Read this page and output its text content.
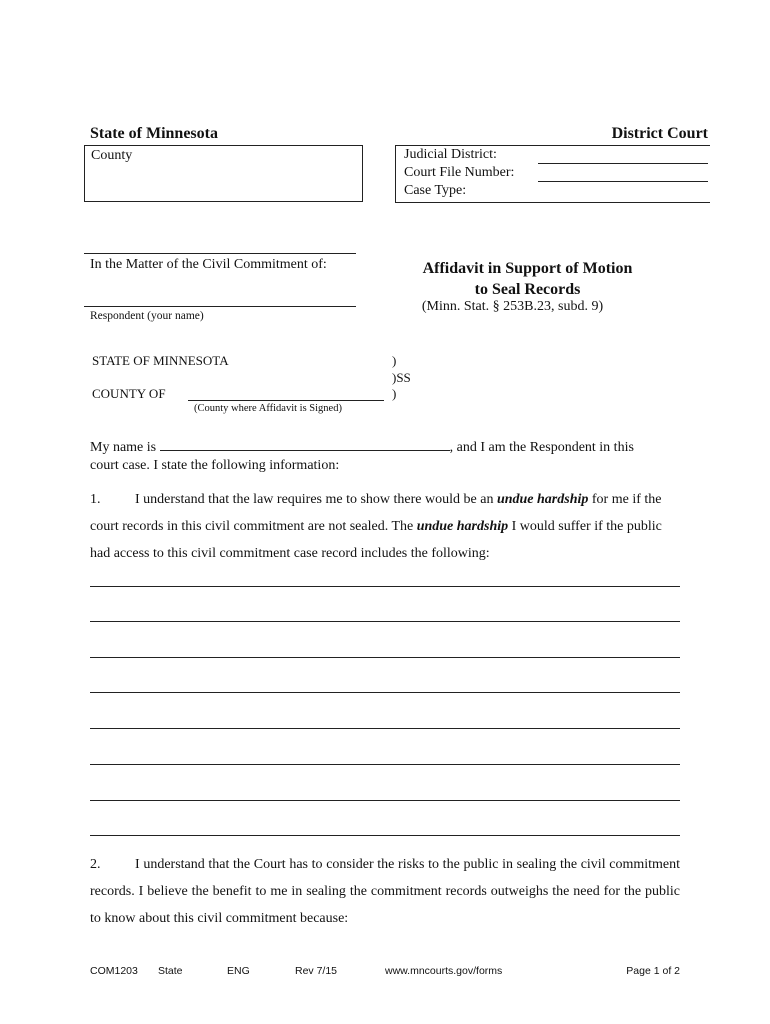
State of Minnesota	District Court
County	Judicial District:
Court File Number:
Case Type:
In the Matter of the Civil Commitment of:
Respondent (your name)
Affidavit in Support of Motion
to Seal Records
(Minn. Stat. § 253B.23, subd. 9)
STATE OF MINNESOTA
COUNTY OF
(County where Affidavit is Signed)
)
)SS
)
My name is	, and I am the Respondent in this
court case. I state the following information:
1. I understand that the law requires me to show there would be an undue hardship for me if the court records in this civil commitment are not sealed. The undue hardship I would suffer if the public had access to this civil commitment case record includes the following:
2. I understand that the Court has to consider the risks to the public in sealing the civil commitment records. I believe the benefit to me in sealing the commitment records outweighs the need for the public to know about this civil commitment because:
COM1203 State	ENG	Rev 7/15	www.mncourts.gov/forms	Page 1 of 2
